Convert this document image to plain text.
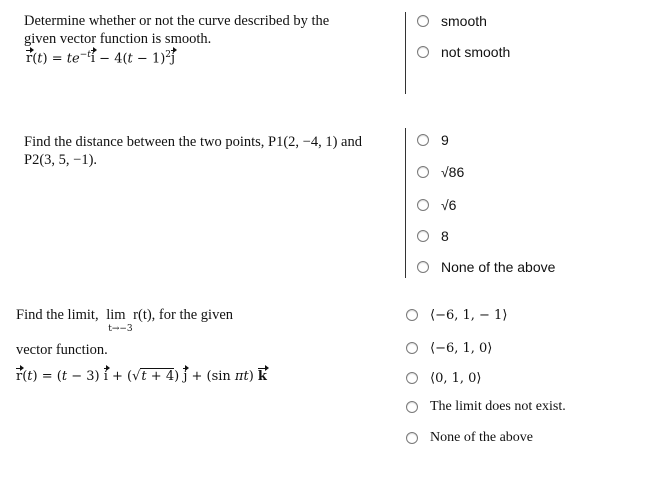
Determine whether or not the curve described by the
given vector function is smooth.
$r(t) = te^{-t}i - 4(t - 1)^2j$
smooth
not smooth
Find the distance between the two points, P1(2, −4, 1) and
P2(3, 5, −1).
9
√86
√6
8
None of the above
Find the limit, lim
t→−3
r(t), for the given
vector function.
r(t) = (t − 3) i + (√t + 4) j + (sin πt) k
⟨−6, 1, − 1⟩
⟨−6, 1, 0⟩
⟨0, 1, 0⟩
The limit does not exist.
None of the above
